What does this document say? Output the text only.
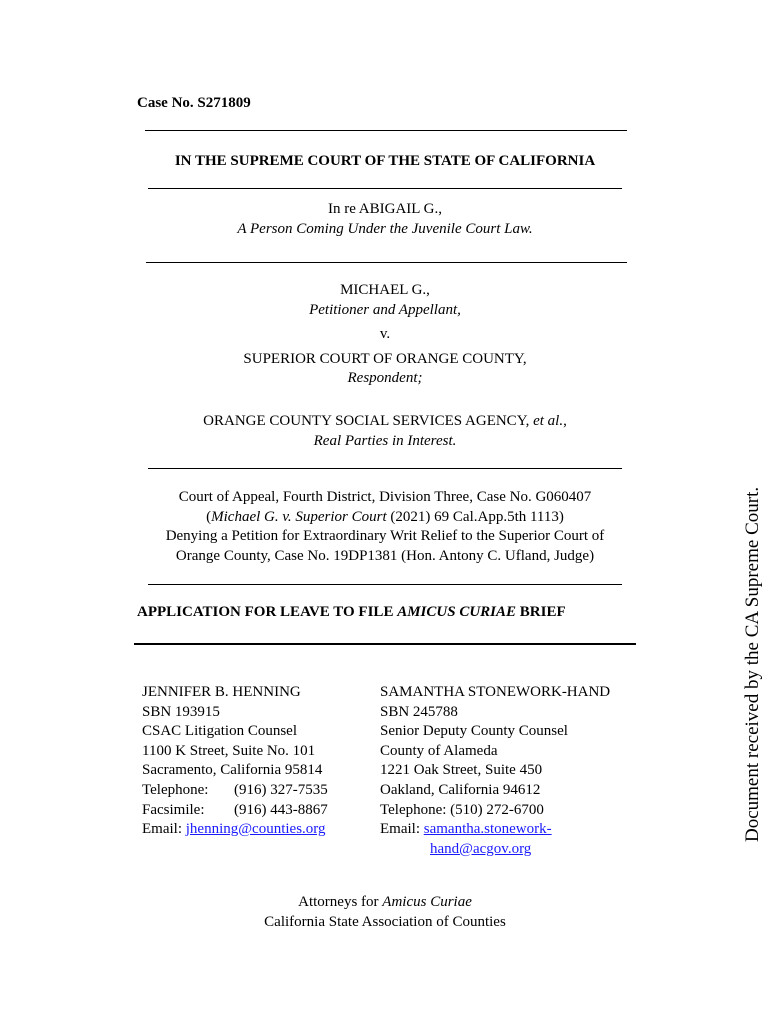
Case No. S271809
IN THE SUPREME COURT OF THE STATE OF CALIFORNIA
In re ABIGAIL G.,
A Person Coming Under the Juvenile Court Law.
MICHAEL G.,
Petitioner and Appellant,
v.
SUPERIOR COURT OF ORANGE COUNTY,
Respondent;
ORANGE COUNTY SOCIAL SERVICES AGENCY, et al.,
Real Parties in Interest.
Court of Appeal, Fourth District, Division Three, Case No. G060407
(Michael G. v. Superior Court (2021) 69 Cal.App.5th 1113)
Denying a Petition for Extraordinary Writ Relief to the Superior Court of
Orange County, Case No. 19DP1381 (Hon. Antony C. Ufland, Judge)
APPLICATION FOR LEAVE TO FILE AMICUS CURIAE BRIEF
JENNIFER B. HENNING
SBN 193915
CSAC Litigation Counsel
1100 K Street, Suite No. 101
Sacramento, California 95814
Telephone: (916) 327-7535
Facsimile: (916) 443-8867
Email: jhenning@counties.org
SAMANTHA STONEWORK-HAND
SBN 245788
Senior Deputy County Counsel
County of Alameda
1221 Oak Street, Suite 450
Oakland, California 94612
Telephone: (510) 272-6700
Email: samantha.stonework-
hand@acgov.org
Attorneys for Amicus Curiae
California State Association of Counties
Document received by the CA Supreme Court.
